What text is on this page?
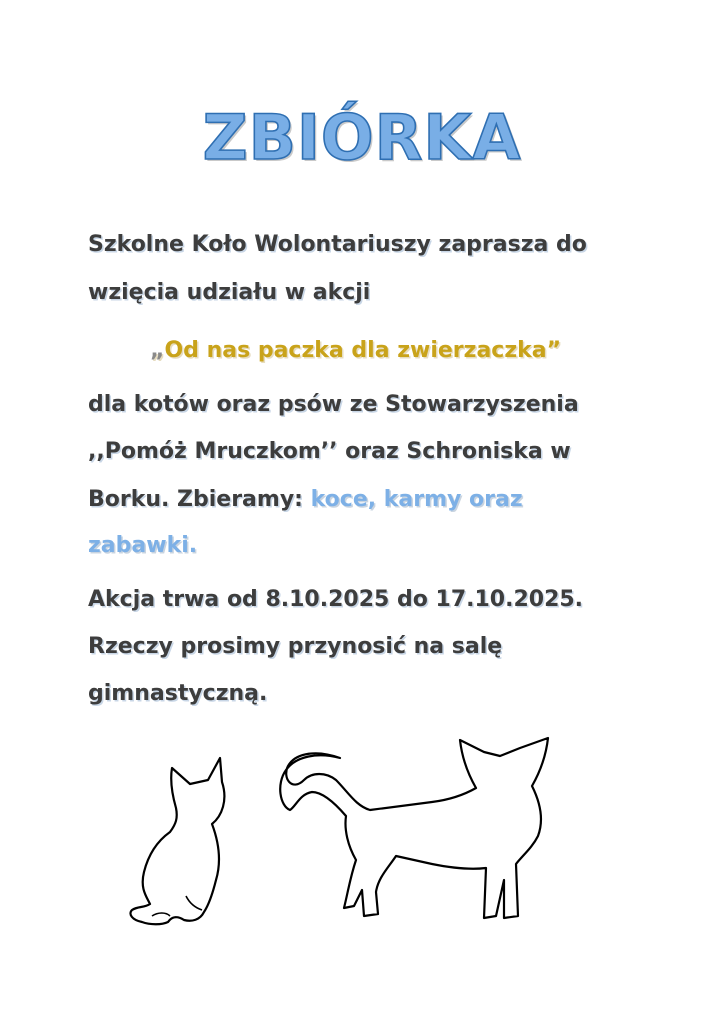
ZBIÓRKA
Szkolne Koło Wolontariuszy zaprasza do
wzięcia udziału w akcji
„Od nas paczka dla zwierzaczka”
dla kotów oraz psów ze Stowarzyszenia
,,Pomóż Mruczkom’’ oraz Schroniska w
Borku. Zbieramy: koce, karmy oraz
zabawki.
Akcja trwa od 8.10.2025 do 17.10.2025.
Rzeczy prosimy przynosić na salę
gimnastyczną.
